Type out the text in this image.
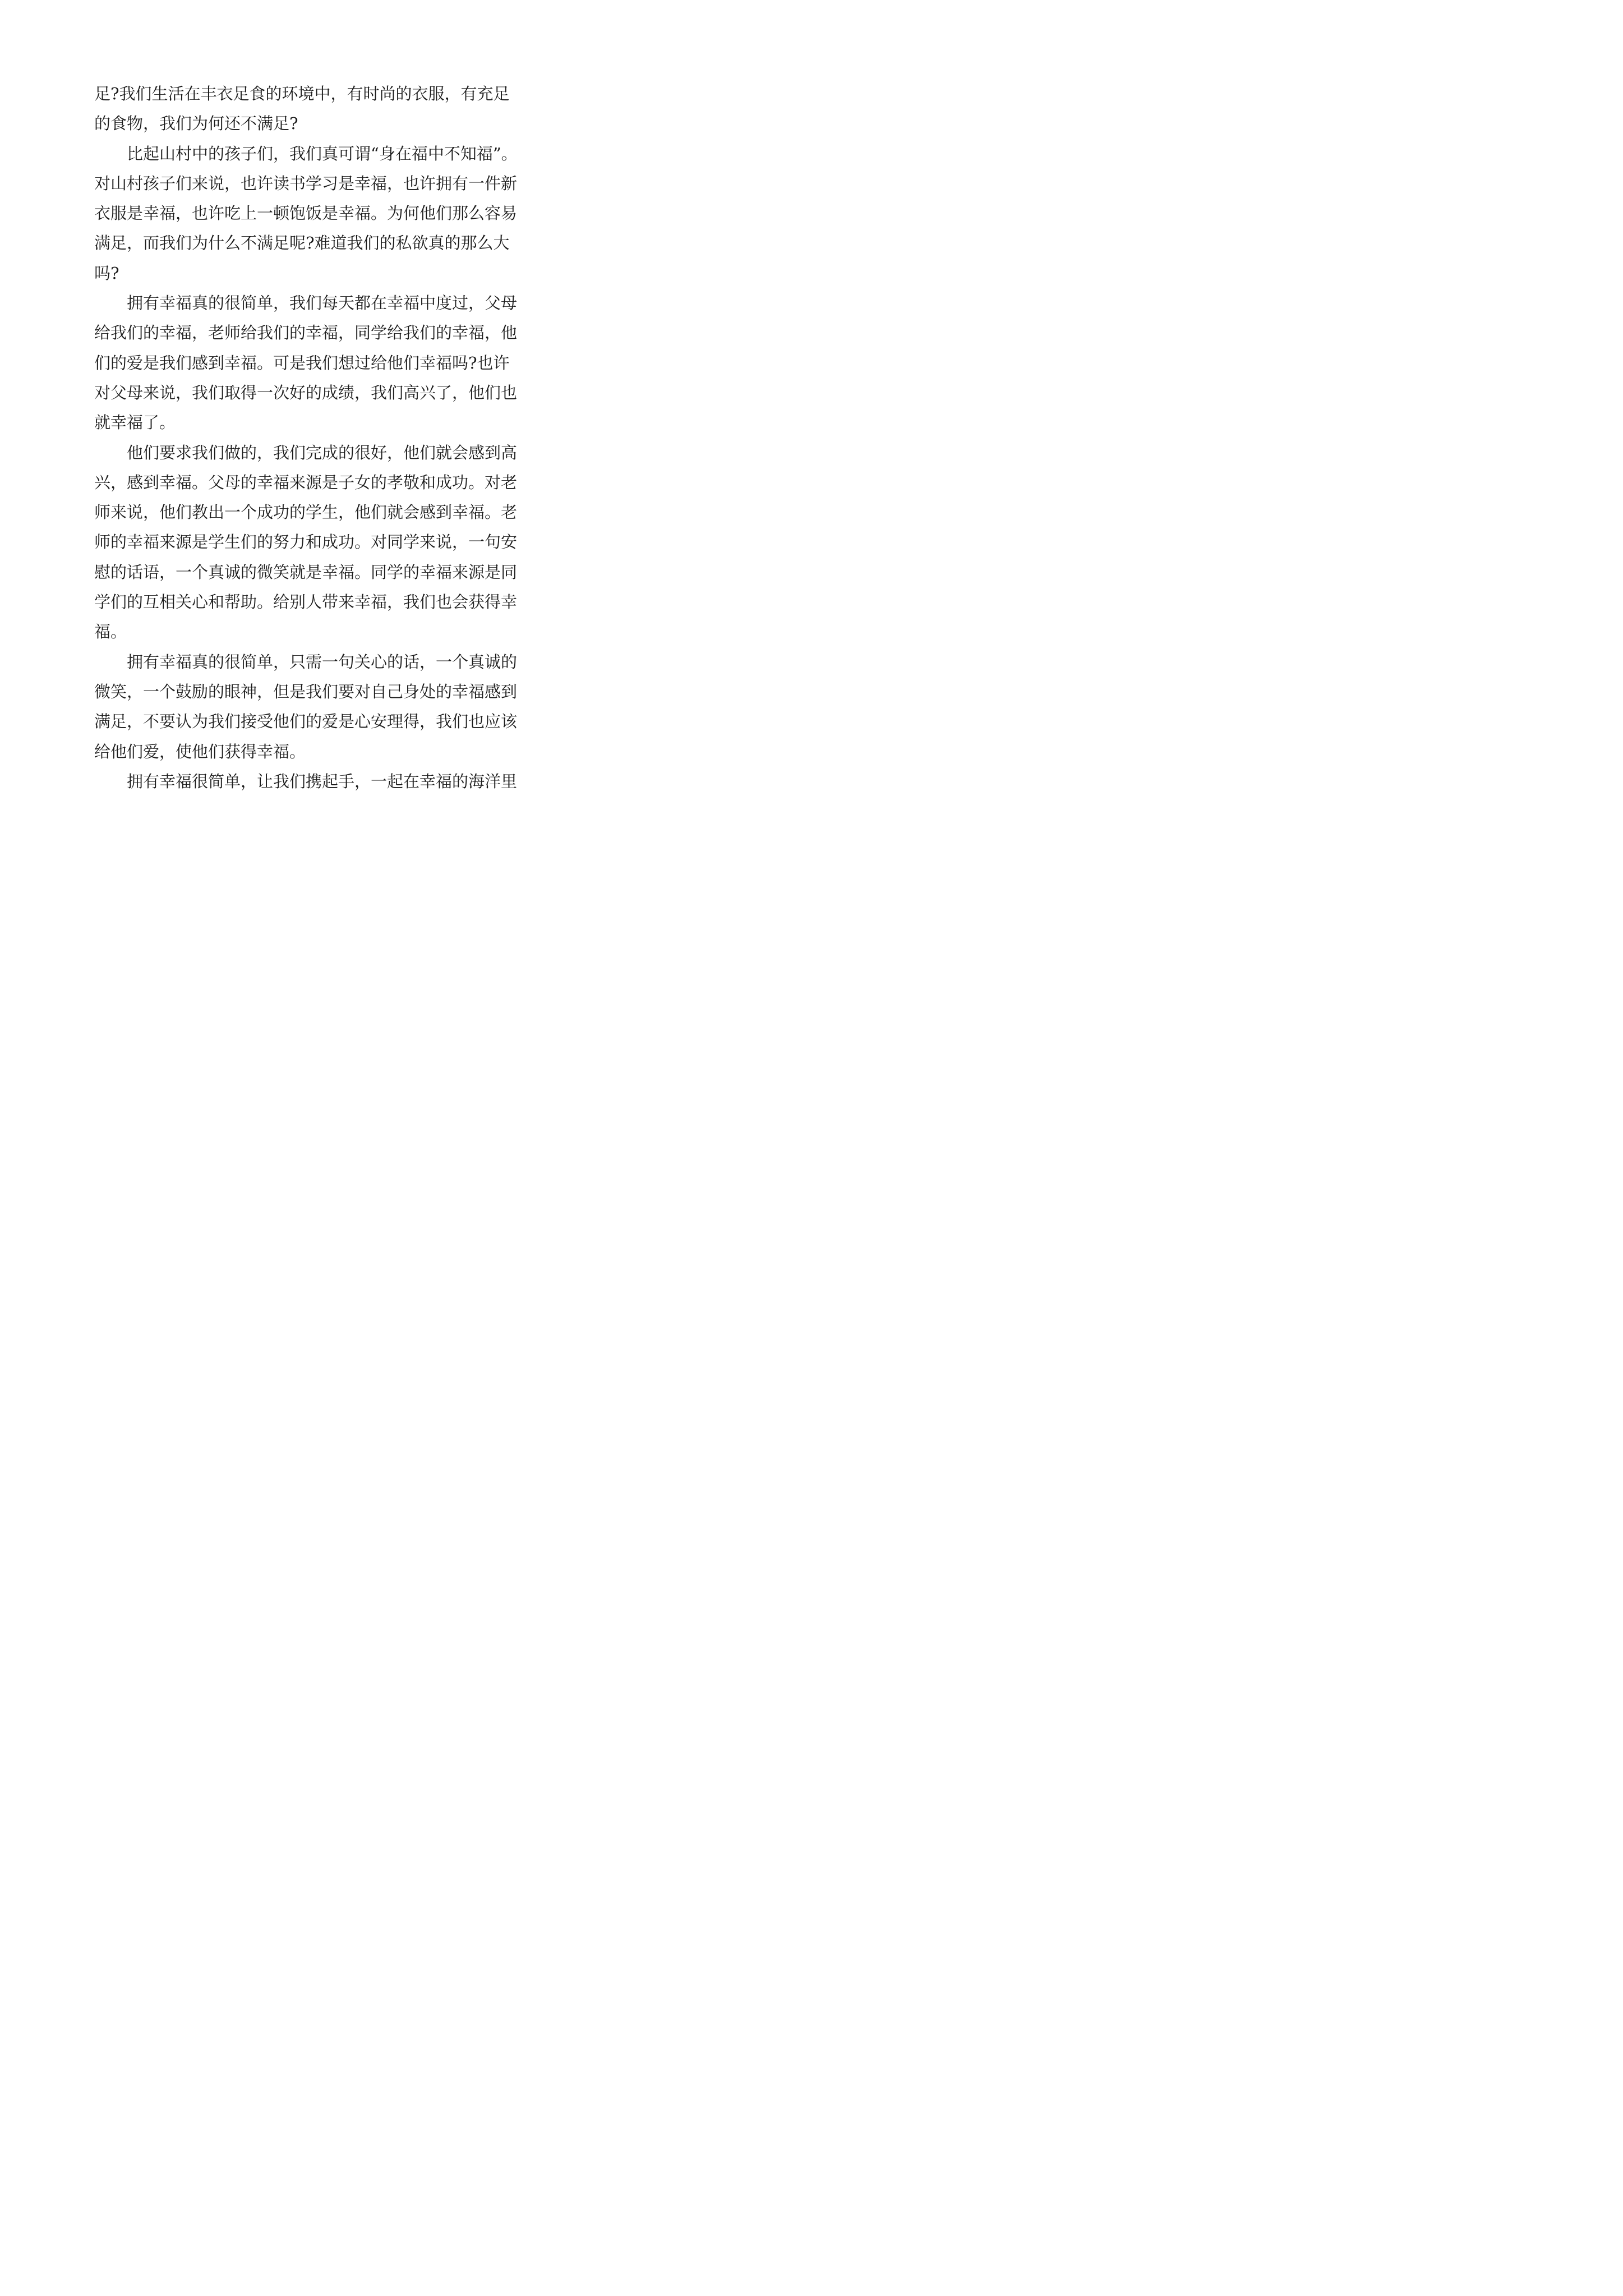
足?我们生活在丰衣足食的环境中，有时尚的衣服，有充足
的食物，我们为何还不满足?
比起山村中的孩子们，我们真可谓“身在福中不知福”。
对山村孩子们来说，也许读书学习是幸福，也许拥有一件新
衣服是幸福，也许吃上一顿饱饭是幸福。为何他们那么容易
满足，而我们为什么不满足呢?难道我们的私欲真的那么大
吗?
拥有幸福真的很简单，我们每天都在幸福中度过，父母
给我们的幸福，老师给我们的幸福，同学给我们的幸福，他
们的爱是我们感到幸福。可是我们想过给他们幸福吗?也许
对父母来说，我们取得一次好的成绩，我们高兴了，他们也
就幸福了。
他们要求我们做的，我们完成的很好，他们就会感到高
兴，感到幸福。父母的幸福来源是子女的孝敬和成功。对老
师来说，他们教出一个成功的学生，他们就会感到幸福。老
师的幸福来源是学生们的努力和成功。对同学来说，一句安
慰的话语，一个真诚的微笑就是幸福。同学的幸福来源是同
学们的互相关心和帮助。给别人带来幸福，我们也会获得幸
福。
拥有幸福真的很简单，只需一句关心的话，一个真诚的
微笑，一个鼓励的眼神，但是我们要对自己身处的幸福感到
满足，不要认为我们接受他们的爱是心安理得，我们也应该
给他们爱，使他们获得幸福。
拥有幸福很简单，让我们携起手，一起在幸福的海洋里
